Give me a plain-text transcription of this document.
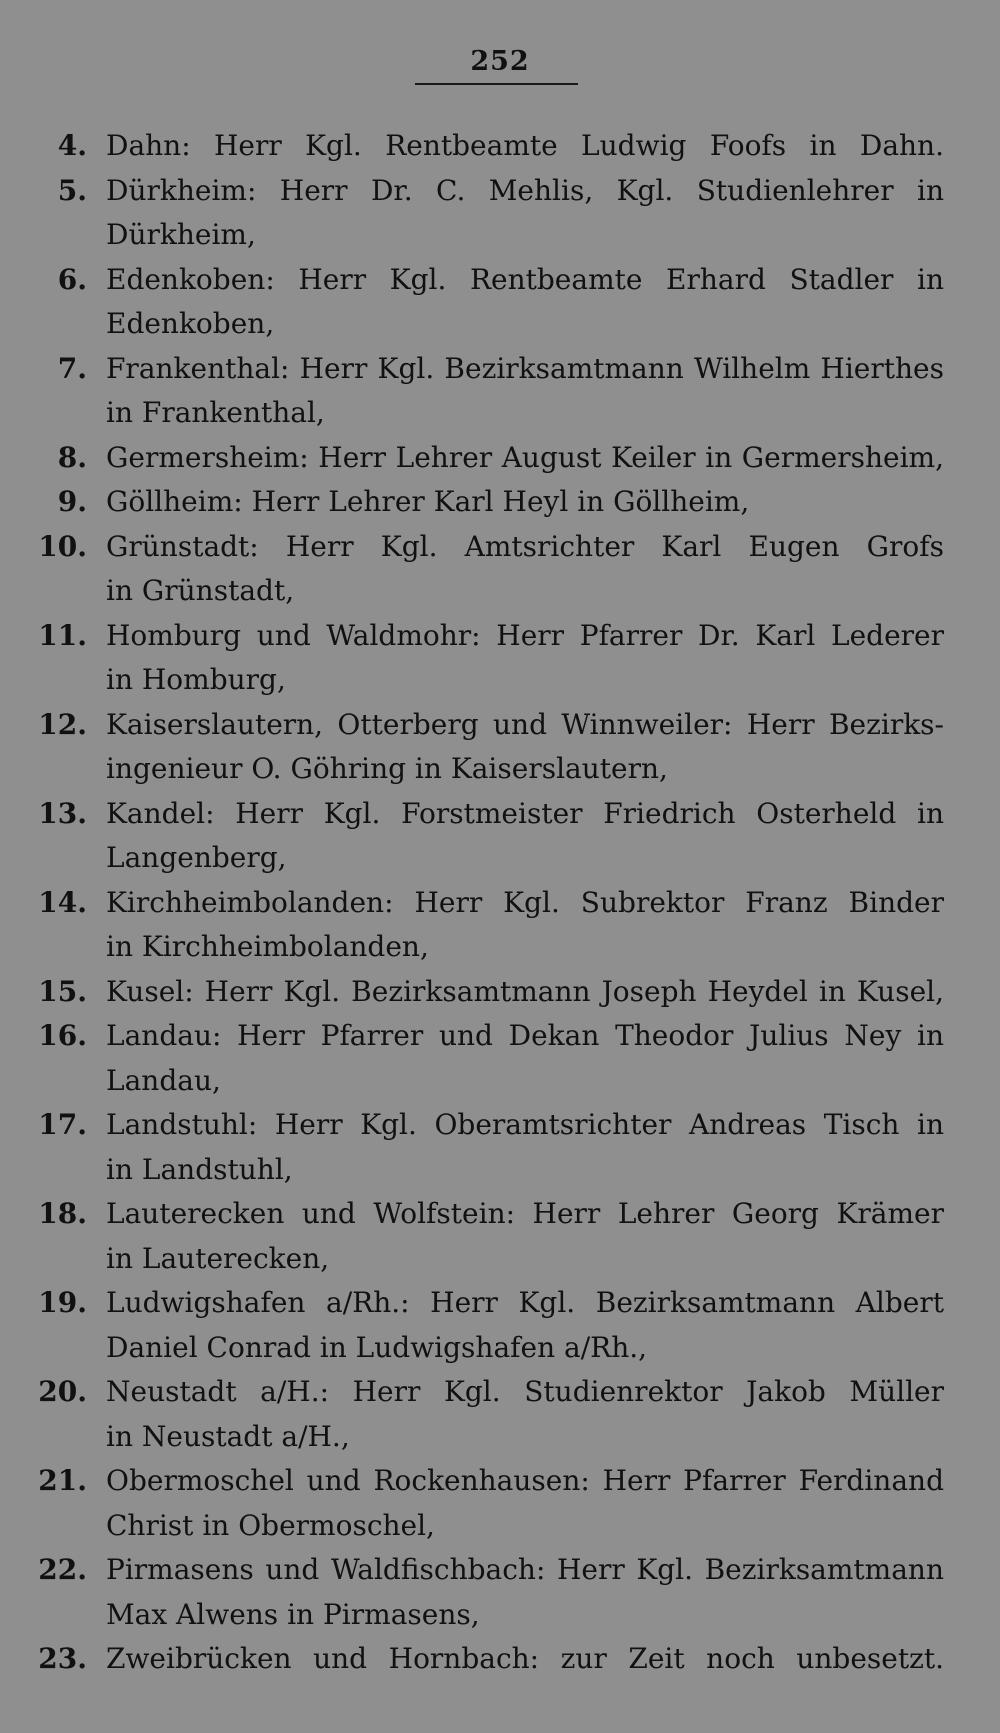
252
4. Dahn: Herr Kgl. Rentbeamte Ludwig Foofs in Dahn.
5. Dürkheim: Herr Dr. C. Mehlis, Kgl. Studienlehrer in
Dürkheim,
6. Edenkoben: Herr Kgl. Rentbeamte Erhard Stadler in
Edenkoben,
7. Frankenthal: Herr Kgl. Bezirksamtmann Wilhelm Hierthes
in Frankenthal,
8. Germersheim: Herr Lehrer August Keiler in Germersheim,
9. Göllheim: Herr Lehrer Karl Heyl in Göllheim,
10. Grünstadt: Herr Kgl. Amtsrichter Karl Eugen Grofs
in Grünstadt,
11. Homburg und Waldmohr: Herr Pfarrer Dr. Karl Lederer
in Homburg,
12. Kaiserslautern, Otterberg und Winnweiler: Herr Bezirks-
ingenieur O. Göhring in Kaiserslautern,
13. Kandel: Herr Kgl. Forstmeister Friedrich Osterheld in
Langenberg,
14. Kirchheimbolanden: Herr Kgl. Subrektor Franz Binder
in Kirchheimbolanden,
15. Kusel: Herr Kgl. Bezirksamtmann Joseph Heydel in Kusel,
16. Landau: Herr Pfarrer und Dekan Theodor Julius Ney in
Landau,
17. Landstuhl: Herr Kgl. Oberamtsrichter Andreas Tisch in
in Landstuhl,
18. Lauterecken und Wolfstein: Herr Lehrer Georg Krämer
in Lauterecken,
19. Ludwigshafen a/Rh.: Herr Kgl. Bezirksamtmann Albert
Daniel Conrad in Ludwigshafen a/Rh.,
20. Neustadt a/H.: Herr Kgl. Studienrektor Jakob Müller
in Neustadt a/H.,
21. Obermoschel und Rockenhausen: Herr Pfarrer Ferdinand
Christ in Obermoschel,
22. Pirmasens und Waldfischbach: Herr Kgl. Bezirksamtmann
Max Alwens in Pirmasens,
23. Zweibrücken und Hornbach: zur Zeit noch unbesetzt.
